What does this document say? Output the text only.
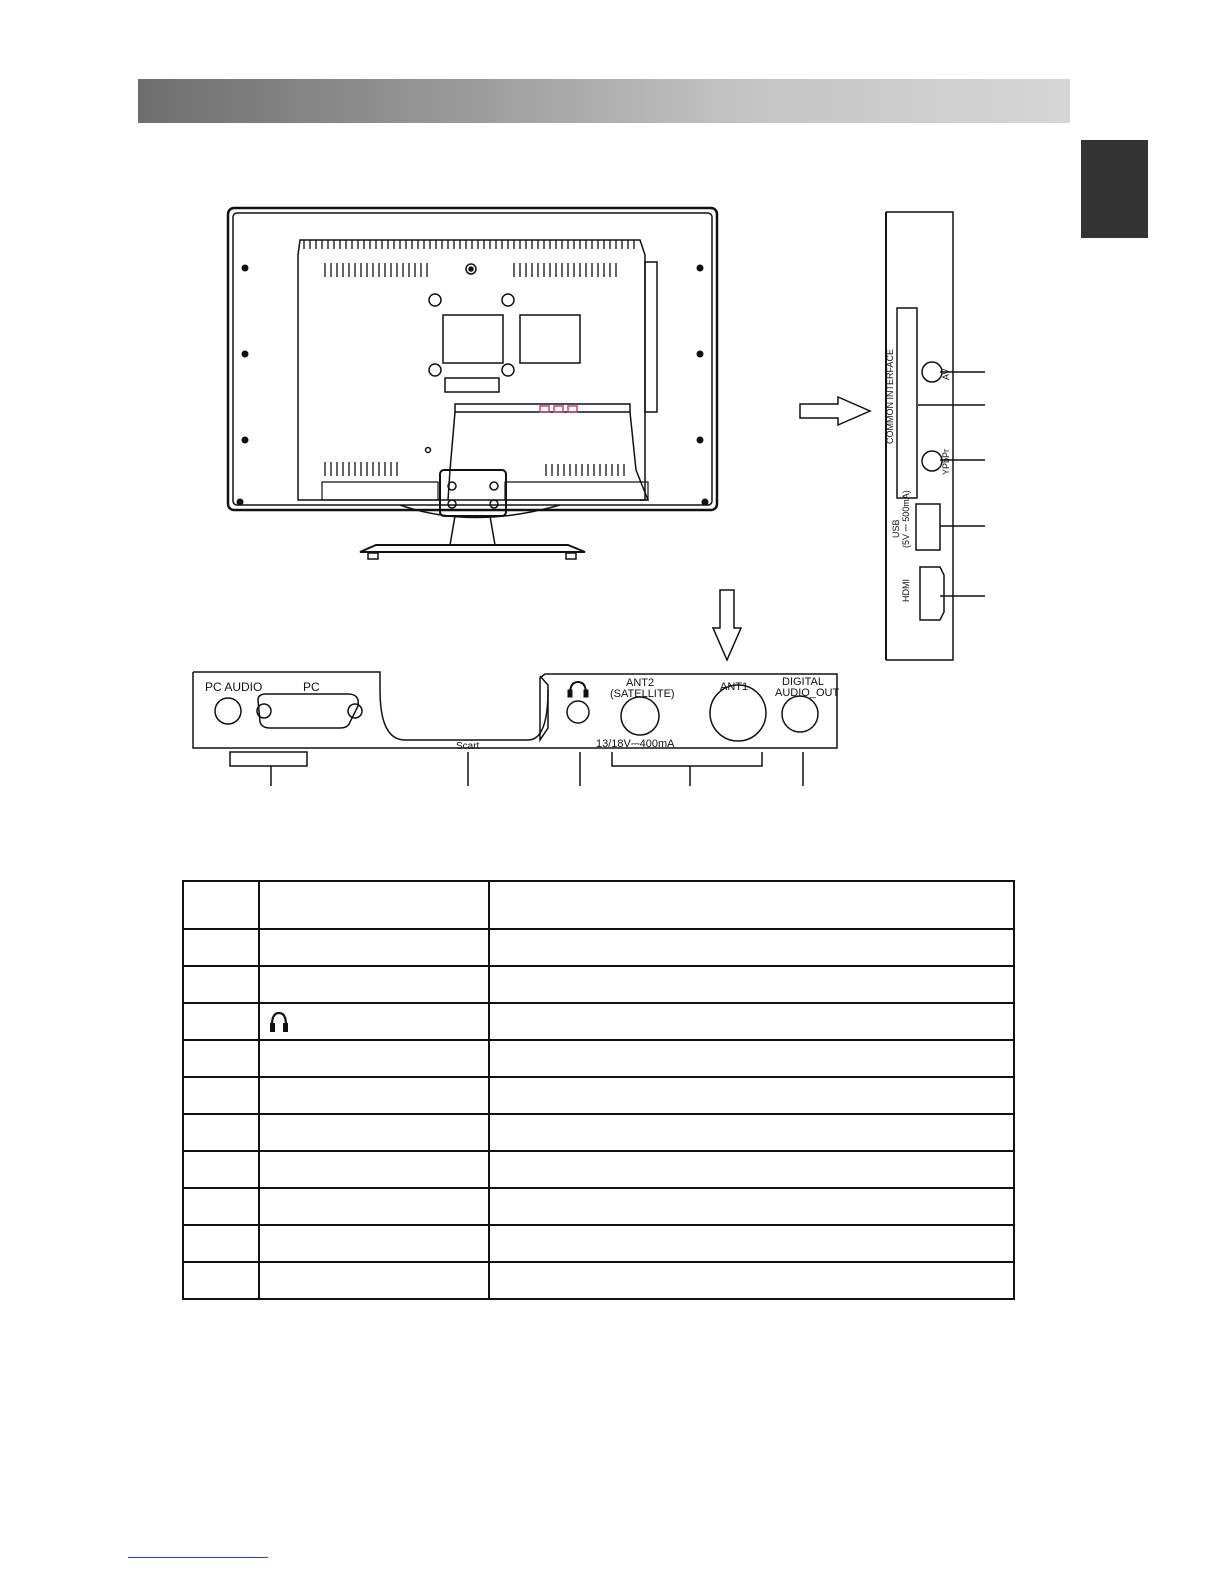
COMMON INTERFACE	AV
YPbPr
USB (5V ⎓ 500mA)
HDMI
PC AUDIO	PC
Scart
ANT2
(SATELLITE)
ANT1	DIGITAL
AUDIO_OUT
13/18V⎓400mA
